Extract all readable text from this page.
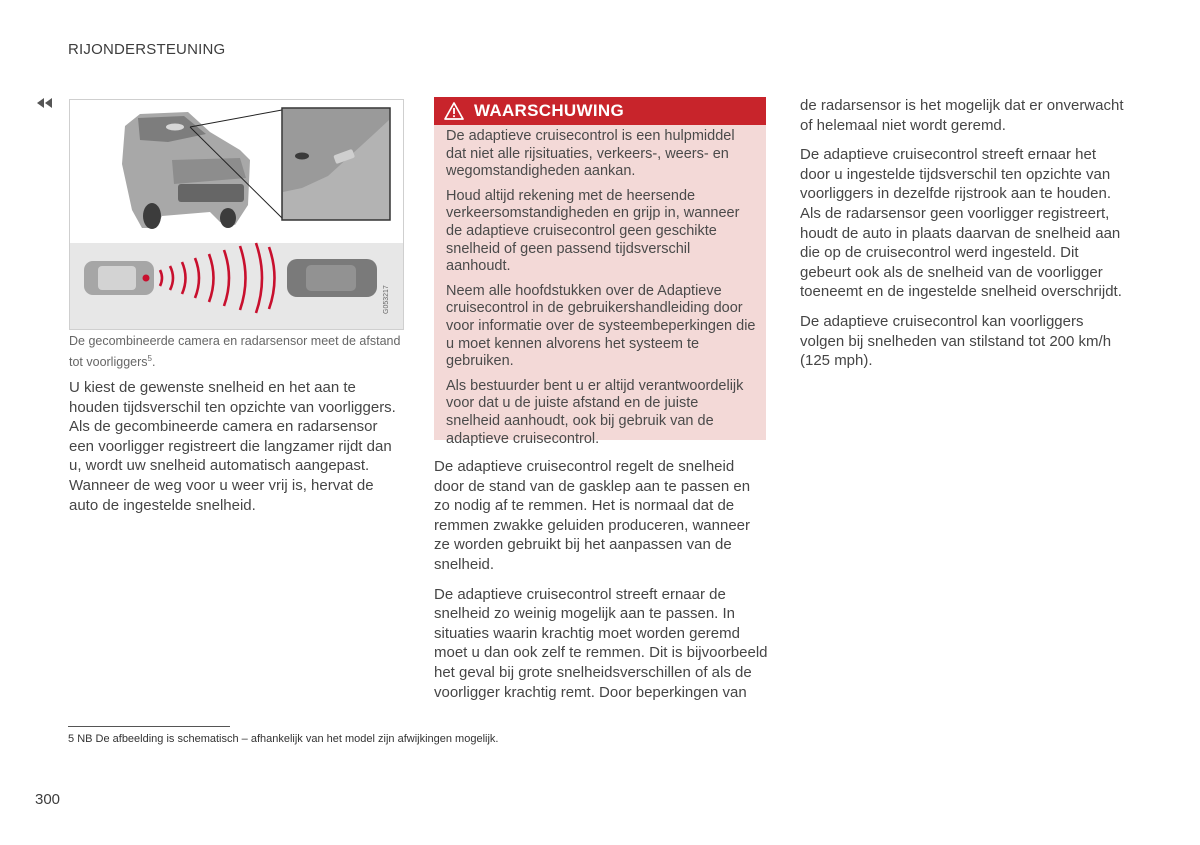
RIJONDERSTEUNING
G053217
De gecombineerde camera en radarsensor meet de afstand tot voorliggers$^5$.

U kiest de gewenste snelheid en het aan te houden tijdsverschil ten opzichte van voorliggers. Als de gecombineerde camera en radarsensor een voorligger registreert die langzamer rijdt dan u, wordt uw snelheid automatisch aangepast. Wanneer de weg voor u weer vrij is, hervat de auto de ingestelde snelheid.

WAARSCHUWING

De adaptieve cruisecontrol is een hulpmiddel dat niet alle rijsituaties, verkeers-, weers- en wegomstandigheden aankan.

Houd altijd rekening met de heersende verkeersomstandigheden en grijp in, wanneer de adaptieve cruisecontrol geen geschikte snelheid of geen passend tijdsverschil aanhoudt.

Neem alle hoofdstukken over de Adaptieve cruisecontrol in de gebruikershandleiding door voor informatie over de systeembeperkingen die u moet kennen alvorens het systeem te gebruiken.

Als bestuurder bent u er altijd verantwoordelijk voor dat u de juiste afstand en de juiste snelheid aanhoudt, ook bij gebruik van de adaptieve cruisecontrol.

De adaptieve cruisecontrol regelt de snelheid door de stand van de gasklep aan te passen en zo nodig af te remmen. Het is normaal dat de remmen zwakke geluiden produceren, wanneer ze worden gebruikt bij het aanpassen van de snelheid.

De adaptieve cruisecontrol streeft ernaar de snelheid zo weinig mogelijk aan te passen. In situaties waarin krachtig moet worden geremd moet u dan ook zelf te remmen. Dit is bijvoorbeeld het geval bij grote snelheidsverschillen of als de voorligger krachtig remt. Door beperkingen van

de radarsensor is het mogelijk dat er onverwacht of helemaal niet wordt geremd.

De adaptieve cruisecontrol streeft ernaar het door u ingestelde tijdsverschil ten opzichte van voorliggers in dezelfde rijstrook aan te houden. Als de radarsensor geen voorligger registreert, houdt de auto in plaats daarvan de snelheid aan die op de cruisecontrol werd ingesteld. Dit gebeurt ook als de snelheid van de voorligger toeneemt en de ingestelde snelheid overschrijdt.

De adaptieve cruisecontrol kan voorliggers volgen bij snelheden van stilstand tot 200 km/h (125 mph).

5 NB De afbeelding is schematisch – afhankelijk van het model zijn afwijkingen mogelijk.
300
